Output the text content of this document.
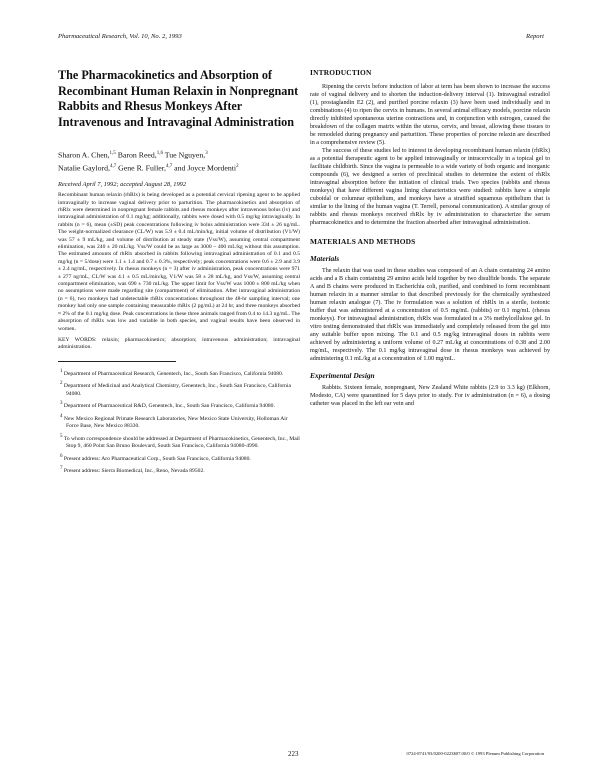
Pharmaceutical Research, Vol. 10, No. 2, 1993	Report
The Pharmacokinetics and Absorption of Recombinant Human Relaxin in Nonpregnant Rabbits and Rhesus Monkeys After Intravenous and Intravaginal Administration

Sharon A. Chen,$^{1,5}$ Baron Reed,$^{1,6}$ Tue Nguyen,$^3$
Natalie Gaylord,$^{4,7}$ Gene R. Fuller,$^{4,7}$ and Joyce Mordenti$^2$

Received April 7, 1992; accepted August 28, 1992

Recombinant human relaxin (rhRlx) is being developed as a potential cervical ripening agent to be applied intravaginally to increase vaginal delivery prior to parturition. The pharmacokinetics and absorption of rhRlx were determined in nonpregnant female rabbits and rhesus monkeys after intravenous bolus (iv) and intravaginal administration of 0.1 mg/kg; additionally, rabbits were dosed with 0.5 mg/kg intravaginally. In rabbits (n = 6), mean (±SD) peak concentrations following iv bolus administration were 334 ± 26 ng/mL. The weight-normalized clearance (CL/W) was 5.9 ± 0.4 mL/min/kg, initial volume of distribution (V1/W) was 57 ± 9 mL/kg, and volume of distribution at steady state (Vss/W), assuming central compartment elimination, was 240 ± 20 mL/kg. Vss/W could be as large as 3000 – 400 mL/kg without this assumption. The estimated amounts of rhRlx absorbed in rabbits following intravaginal administration of 0.1 and 0.5 mg/kg (n = 5/dose) were 1.1 ± 1.4 and 0.7 ± 0.3%, respectively; peak concentrations were 0.6 ± 2.9 and 3.9 ± 2.4 ng/mL, respectively. In rhesus monkeys (n = 3) after iv administration, peak concentrations were 971 ± 277 ng/mL, CL/W was 4.1 ± 0.5 mL/min/kg, V1/W was 58 ± 28 mL/kg, and Vss/W, assuming central compartment elimination, was 690 ± 730 mL/kg. The upper limit for Vss/W was 1000 ± 800 mL/kg when no assumptions were made regarding site (compartment) of elimination. After intravaginal administration (n = 6), two monkeys had undetectable rhRlx concentrations throughout the 48-hr sampling interval; one monkey had only one sample containing measurable rhRlx (2 pg/mL) at 24 hr, and three monkeys absorbed ≈ 2% of the 0.1 mg/kg dose. Peak concentrations in these three animals ranged from 0.4 to 14.3 ng/mL. The absorption of rhRlx was low and variable in both species, and vaginal results have been observed in women.

KEY WORDS: relaxin; pharmacokinetics; absorption; intravenous administration; intravaginal administration.

$^1$ Department of Pharmaceutical Research, Genentech, Inc., South San Francisco, California 94080.

$^2$ Department of Medicinal and Analytical Chemistry, Genentech, Inc., South San Francisco, California 94080.

$^3$ Department of Pharmaceutical R&D, Genentech, Inc., South San Francisco, California 94080.

$^4$ New Mexico Regional Primate Research Laboratories, New Mexico State University, Holloman Air Force Base, New Mexico 88330.

$^5$ To whom correspondence should be addressed at Department of Pharmacokinetics, Genentech, Inc., Mail Stop 9, 460 Point San Bruno Boulevard, South San Francisco, California 94080-4990.

$^6$ Present address: Aro Pharmaceutical Corp., South San Francisco, California 94080.

$^7$ Present address: Sierra Biomedical, Inc., Reno, Nevada 89502.

INTRODUCTION

Ripening the cervix before induction of labor at term has been shown to increase the success rate of vaginal delivery and to shorten the induction-delivery interval (1). Intravaginal estradiol (1), prostaglandin E2 (2), and purified porcine relaxin (3) have been used individually and in combinations (4) to ripen the cervix in humans. In several animal efficacy models, porcine relaxin directly inhibited spontaneous uterine contractions and, in conjunction with estrogen, caused the breakdown of the collagen matrix within the uterus, cervix, and breast, allowing these tissues to be remodeled during pregnancy and parturition. These properties of porcine relaxin are described in a comprehensive review (5).

The success of these studies led to interest in developing recombinant human relaxin (rhRlx) as a potential therapeutic agent to be applied intravaginally or intracervically in a topical gel to facilitate childbirth. Since the vagina is permeable to a wide variety of both organic and inorganic compounds (6), we designed a series of preclinical studies to determine the extent of rhRlx intravaginal absorption before the initiation of clinical trials. Two species (rabbits and rhesus monkeys) that have different vagina lining characteristics were studied: rabbits have a simple cuboidal or columnar epithelium, and monkeys have a stratified squamous epithelium that is similar to the lining of the human vagina (T. Terrell, personal communication). A similar group of rabbits and rhesus monkeys received rhRlx by iv administration to characterize the serum pharmacokinetics and to determine the fraction absorbed after intravaginal administration.

MATERIALS AND METHODS
Materials

The relaxin that was used in these studies was composed of an A chain containing 24 amino acids and a B chain containing 29 amino acids held together by two disulfide bonds. The separate A and B chains were produced in Escherichia coli, purified, and combined to form recombinant human relaxin in a manner similar to that described previously for the chemically synthesized human relaxin analogue (7). The iv formulation was a solution of rhRlx in a sterile, isotonic buffer that was administered at a concentration of 0.5 mg/mL (rabbits) or 0.1 mg/mL (rhesus monkeys). For intravaginal administration, rhRlx was formulated in a 3% methylcellulose gel. In vitro testing demonstrated that rhRlx was immediately and completely released from the gel into any suitable buffer upon mixing. The 0.1 and 0.5 mg/kg intravaginal doses in rabbits were achieved by administering a uniform volume of 0.27 mL/kg at concentrations of 0.38 and 2.00 mg/mL, respectively. The 0.1 mg/kg intravaginal dose in rhesus monkeys was achieved by administering 0.1 mL/kg at a concentration of 1.00 mg/mL.

Experimental Design

Rabbits. Sixteen female, nonpregnant, New Zealand White rabbits (2.9 to 3.3 kg) (Elkhorn, Modesto, CA) were quarantined for 5 days prior to study. For iv administration (n = 6), a dosing catheter was placed in the left ear vein and

223	0724-8741/93/0200-0223$07.00/0 © 1993 Plenum Publishing Corporation
